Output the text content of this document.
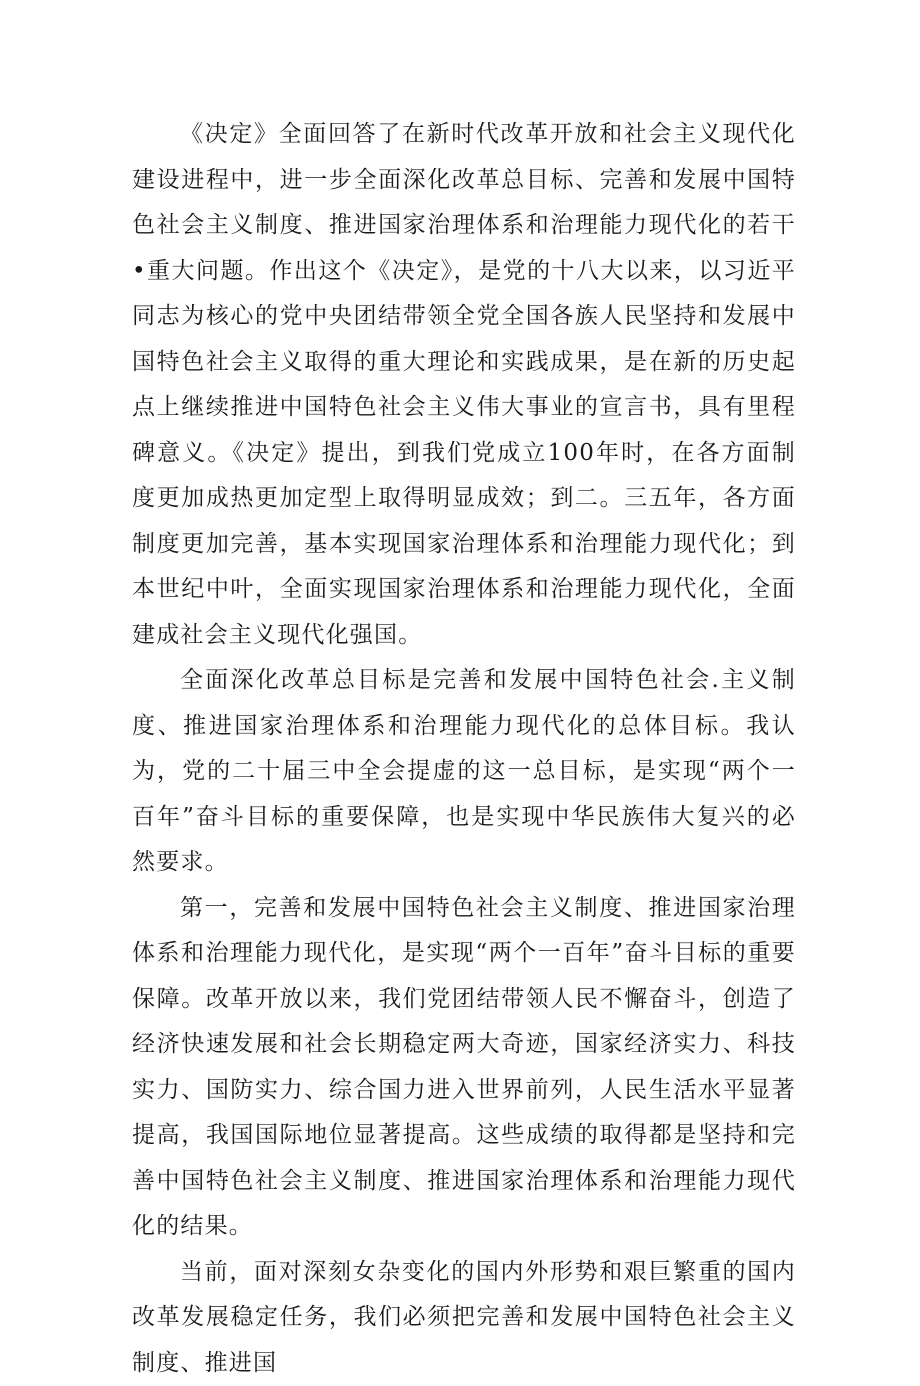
《决定》全面回答了在新时代改革开放和社会主义现代化建设进程中，进一步全面深化改革总目标、完善和发展中国特色社会主义制度、推进国家治理体系和治理能力现代化的若干•重大问题。作出这个《决定》，是党的十八大以来，以习近平同志为核心的党中央团结带领全党全国各族人民坚持和发展中国特色社会主义取得的重大理论和实践成果，是在新的历史起点上继续推进中国特色社会主义伟大事业的宣言书，具有里程碑意义。《决定》提出，到我们党成立100年时，在各方面制度更加成热更加定型上取得明显成效；到二。三五年，各方面制度更加完善，基本实现国家治理体系和治理能力现代化；到本世纪中叶，全面实现国家治理体系和治理能力现代化，全面建成社会主义现代化强国。

全面深化改革总目标是完善和发展中国特色社会.主义制度、推进国家治理体系和治理能力现代化的总体目标。我认为，党的二十届三中全会提虚的这一总目标，是实现“两个一百年”奋斗目标的重要保障，也是实现中华民族伟大复兴的必然要求。

第一，完善和发展中国特色社会主义制度、推进国家治理体系和治理能力现代化，是实现“两个一百年”奋斗目标的重要保障。改革开放以来，我们党团结带领人民不懈奋斗，创造了经济快速发展和社会长期稳定两大奇迹，国家经济实力、科技实力、国防实力、综合国力进入世界前列，人民生活水平显著提高，我国国际地位显著提高。这些成绩的取得都是坚持和完善中国特色社会主义制度、推进国家治理体系和治理能力现代化的结果。

当前，面对深刻女杂变化的国内外形势和艰巨繁重的国内改革发展稳定任务，我们必须把完善和发展中国特色社会主义制度、推进国
